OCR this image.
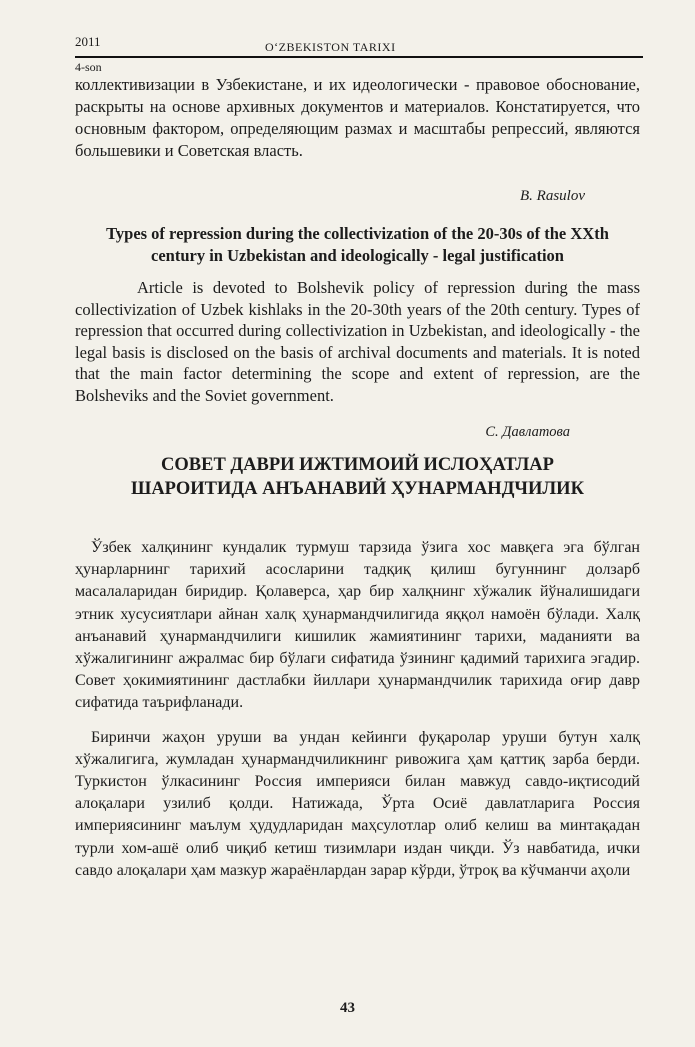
2011	O‘ZBEKISTON TARIXI
4-son

коллективизации в Узбекистане, и их идеологически - правовое обоснование, раскрыты на основе архивных документов и материалов. Констатируется, что основным фактором, определяющим размах и масштабы репрессий, являются большевики и Советская власть.

B. Rasulov
Types of repression during the collectivization of the 20-30s of the XXth century in Uzbekistan and ideologically - legal justification

Article is devoted to Bolshevik policy of repression during the mass collectivization of Uzbek kishlaks in the 20-30th years of the 20th century. Types of repression that occurred during collectivization in Uzbekistan, and ideologically - the legal basis is disclosed on the basis of archival documents and materials. It is noted that the main factor determining the scope and extent of repression, are the Bolsheviks and the Soviet government.

С. Давлатова
СОВЕТ ДАВРИ ИЖТИМОИЙ ИСЛОҲАТЛАР
ШАРОИТИДА АНЪАНАВИЙ ҲУНАРМАНДЧИЛИК

Ўзбек халқининг кундалик турмуш тарзида ўзига хос мавқега эга бўлган ҳунарларнинг тарихий асосларини тадқиқ қилиш бугуннинг долзарб масалаларидан биридир. Қолаверса, ҳар бир халқнинг хўжалик йўналишидаги этник хусусиятлари айнан халқ ҳунармандчилигида яққол намоён бўлади. Халқ анъанавий ҳунармандчилиги кишилик жамиятининг тарихи, маданияти ва хўжалигининг ажралмас бир бўлаги сифатида ўзининг қадимий тарихига эгадир. Совет ҳокимиятининг дастлабки йиллари ҳунармандчилик тарихида оғир давр сифатида таърифланади.

Биринчи жаҳон уруши ва ундан кейинги фуқаролар уруши бутун халқ хўжалигига, жумладан ҳунармандчиликнинг ривожига ҳам қаттиқ зарба берди. Туркистон ўлкасининг Россия империяси билан мавжуд савдо-иқтисодий алоқалари узилиб қолди. Натижада, Ўрта Осиё давлатларига Россия империясининг маълум ҳудудларидан маҳсулотлар олиб келиш ва минтақадан турли хом-ашё олиб чиқиб кетиш тизимлари издан чиқди. Ўз навбатида, ички савдо алоқалари ҳам мазкур жараёнлардан зарар кўрди, ўтроқ ва кўчманчи аҳоли

43
